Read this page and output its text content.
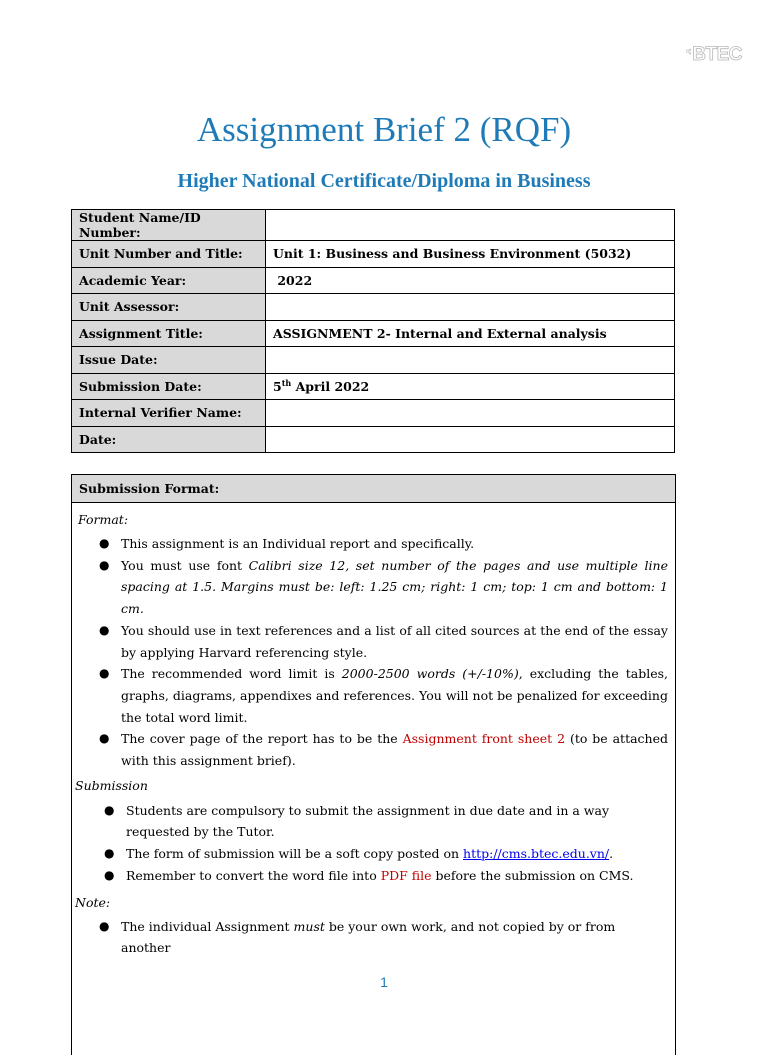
•:BTEC
Assignment Brief 2 (RQF)
Higher National Certificate/Diploma in Business
Student Name/ID Number:	
Unit Number and Title:	Unit 1: Business and Business Environment (5032)
Academic Year:	2022
Unit Assessor:	
Assignment Title:	ASSIGNMENT 2- Internal and External analysis
Issue Date:	
Submission Date:	5th April 2022
Internal Verifier Name:	
Date:	
Submission Format:
Format:
● This assignment is an Individual report and specifically.
● You must use font Calibri size 12, set number of the pages and use multiple line spacing at 1.5. Margins must be: left: 1.25 cm; right: 1 cm; top: 1 cm and bottom: 1 cm.
● You should use in text references and a list of all cited sources at the end of the essay by applying Harvard referencing style.
● The recommended word limit is 2000-2500 words (+/-10%), excluding the tables, graphs, diagrams, appendixes and references. You will not be penalized for exceeding the total word limit.
● The cover page of the report has to be the Assignment front sheet 2 (to be attached with this assignment brief).
Submission
● Students are compulsory to submit the assignment in due date and in a way requested by the Tutor.
● The form of submission will be a soft copy posted on http://cms.btec.edu.vn/.
● Remember to convert the word file into PDF file before the submission on CMS.
Note:
● The individual Assignment must be your own work, and not copied by or from another
1
